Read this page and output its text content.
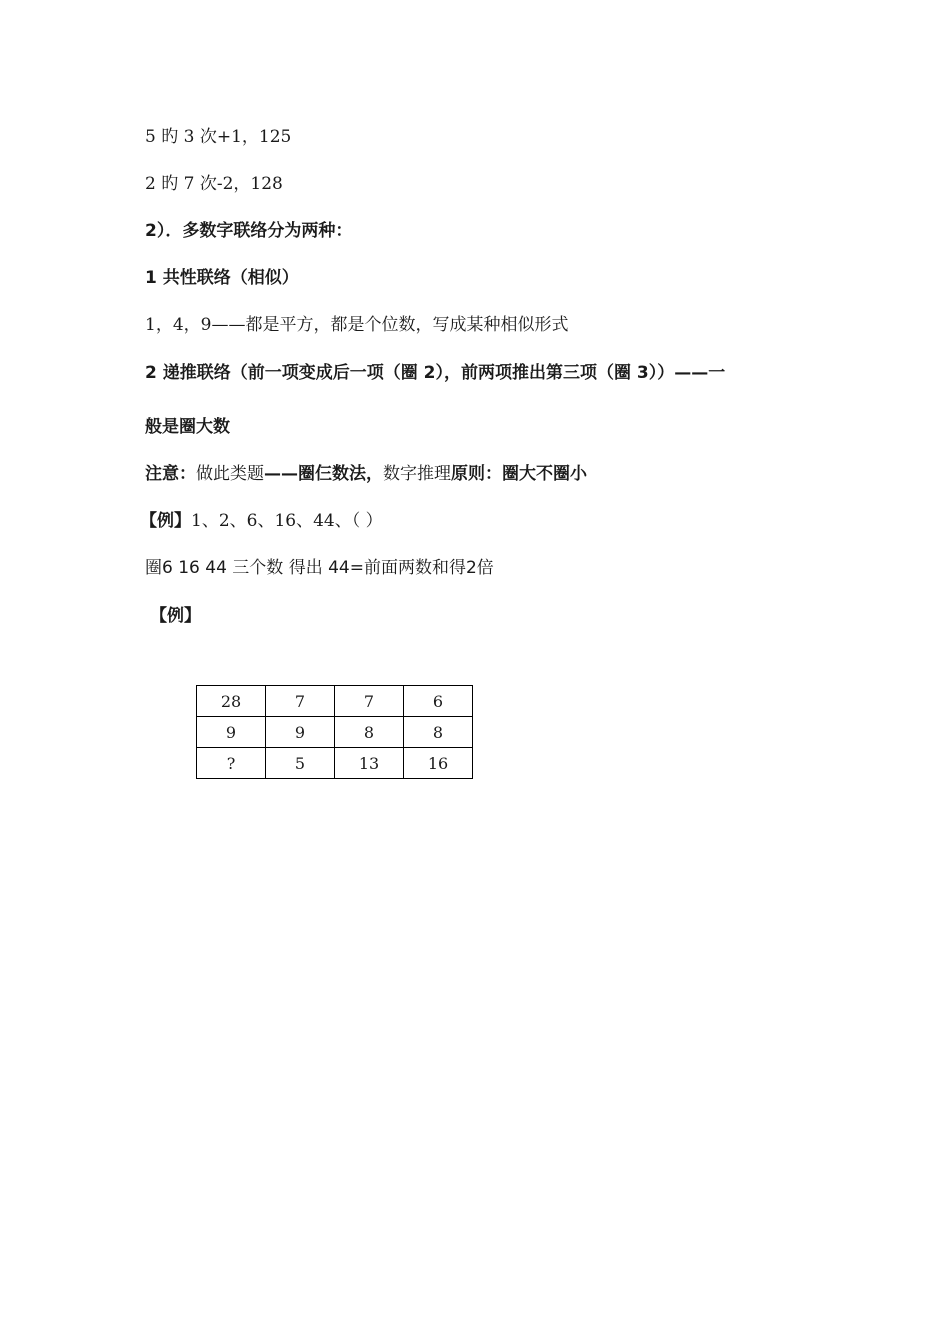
5 旳 3 次+1，125
2 旳 7 次-2，128
2）．多数字联络分为两种：
1 共性联络（相似）
1，4，9——都是平方，都是个位数，写成某种相似形式
2 递推联络（前一项变成后一项（圈 2），前两项推出第三项（圈 3））——一
般是圈大数
注意：做此类题——圈仨数法，数字推理原则：圈大不圈小
【例】1、2、6、16、44、（ ）
圈6 16 44 三个数 得出 44=前面两数和得2倍
【例】
28	7	7	6
9	9	8	8
?	5	13	16
